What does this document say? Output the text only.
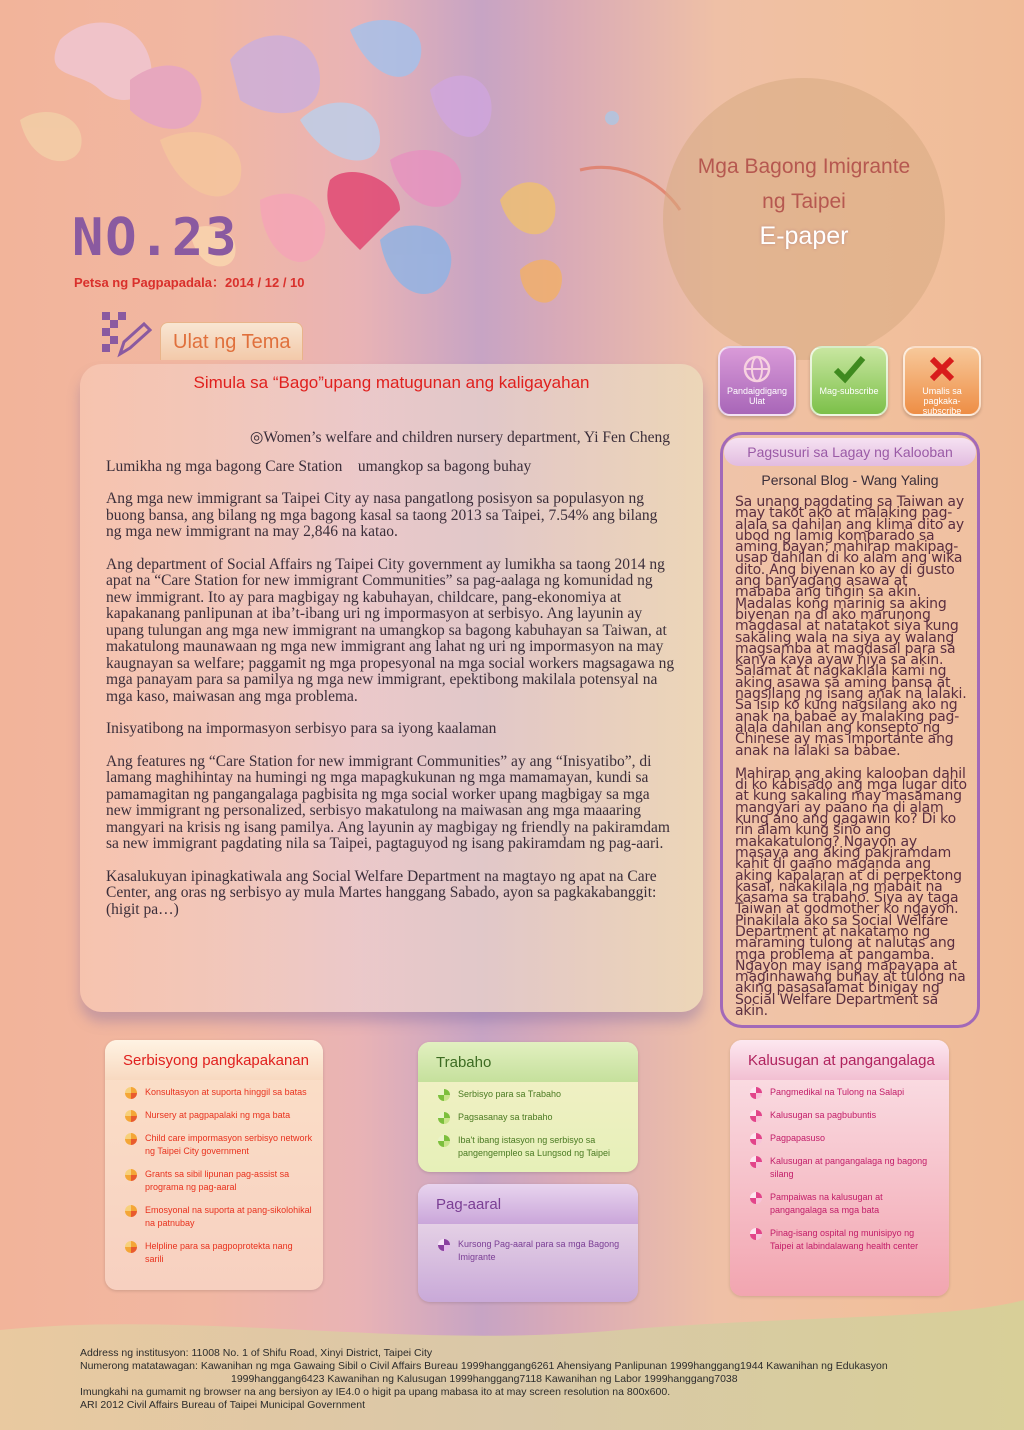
NO.23
Petsa ng Pagpapadala：2014 / 12 / 10
Mga Bagong Imigrante
ng Taipei
E-paper
Ulat ng Tema
Simula sa “Bago”upang matugunan ang kaligayahan

◎Women’s welfare and children nursery department, Yi Fen Cheng

Lumikha ng mga bagong Care Station　umangkop sa bagong buhay

Ang mga new immigrant sa Taipei City ay nasa pangatlong posisyon sa populasyon ng buong bansa, ang bilang ng mga bagong kasal sa taong 2013 sa Taipei, 7.54% ang bilang ng mga new immigrant na may 2,846 na katao.

Ang department of Social Affairs ng Taipei City government ay lumikha sa taong 2014 ng apat na “Care Station for new immigrant Communities” sa pag-aalaga ng komunidad ng new immigrant. Ito ay para magbigay ng kabuhayan, childcare, pang-ekonomiya at kapakanang panlipunan at iba’t-ibang uri ng impormasyon at serbisyo. Ang layunin ay upang tulungan ang mga new immigrant na umangkop sa bagong kabuhayan sa Taiwan, at makatulong maunawaan ng mga new immigrant ang lahat ng uri ng impormasyon na may kaugnayan sa welfare; paggamit ng mga propesyonal na mga social workers magsagawa ng mga panayam para sa pamilya ng mga new immigrant, epektibong makilala potensyal na mga kaso, maiwasan ang mga problema.

Inisyatibong na impormasyon serbisyo para sa iyong kaalaman

Ang features ng “Care Station for new immigrant Communities” ay ang “Inisyatibo”, di lamang maghihintay na humingi ng mga mapagkukunan ng mga mamamayan, kundi sa pamamagitan ng pangangalaga pagbisita ng mga social worker upang magbigay sa mga new immigrant ng personalized, serbisyo makatulong na maiwasan ang mga maaaring mangyari na krisis ng isang pamilya. Ang layunin ay magbigay ng friendly na pakiramdam sa new immigrant pagdating nila sa Taipei, pagtaguyod ng isang pakiramdam ng pag-aari.

Kasalukuyan ipinagkatiwala ang Social Welfare Department na magtayo ng apat na Care Center, ang oras ng serbisyo ay mula Martes hanggang Sabado, ayon sa pagkakabanggit: (higit pa…)

Pandaigdigang Ulat
Mag-subscribe	Umalis sa pagkaka-subscribe
Pagsusuri sa Lagay ng Kalooban
Personal Blog - Wang Yaling

Sa unang pagdating sa Taiwan ay may takot ako at malaking pag-alala sa dahilan ang klima dito ay ubod ng lamig komparado sa aming bayan; mahirap makipag-usap dahilan di ko alam ang wika dito. Ang biyenan ko ay di gusto ang banyagang asawa at mababa ang tingin sa akin. Madalas kong marinig sa aking biyenan na di ako marunong magdasal at natatakot siya kung sakaling wala na siya ay walang magsamba at magdasal para sa kanya kaya ayaw niya sa akin. Salamat at nagkaklala kami ng aking asawa sa aming bansa at nagsilang ng isang anak na lalaki. Sa isip ko kung nagsilang ako ng anak na babae ay malaking pag-alala dahilan ang konsepto ng Chinese ay mas importante ang anak na lalaki sa babae.

Mahirap ang aking kalooban dahil di ko kabisado ang mga lugar dito at kung sakaling may masamang mangyari ay paano na di alam kung ano ang gagawin ko? Di ko rin alam kung sino ang makakatulong? Ngayon ay masaya ang aking pakiramdam kahit di gaano maganda ang aking kapalaran at di perpektong kasal, nakakilala ng mabait na kasama sa trabaho. Siya ay taga Taiwan at godmother ko ngayon. Pinakilala ako sa Social Welfare Department at nakatamo ng maraming tulong at nalutas ang mga problema at pangamba. Ngayon may isang mapayapa at maginhawang buhay at tulong na aking pasasalamat binigay ng Social Welfare Department sa akin.

Serbisyong pangkapakanan
Konsultasyon at suporta hinggil sa batas
Nursery at pagpapalaki ng mga bata
Child care impormasyon serbisyo network ng Taipei City government
Grants sa sibil lipunan pag-assist sa programa ng pag-aaral
Emosyonal na suporta at pang-sikolohikal na patnubay
Helpline para sa pagpoprotekta nang sarili
Trabaho
Serbisyo para sa Trabaho
Pagsasanay sa trabaho
Iba't ibang istasyon ng serbisyo sa pangengempleo sa Lungsod ng Taipei
Pag-aaral
Kursong Pag-aaral para sa mga Bagong Imigrante
Kalusugan at pangangalaga
Pangmedikal na Tulong na Salapi
Kalusugan sa pagbubuntis
Pagpapasuso
Kalusugan at pangangalaga ng bagong silang
Pampaiwas na kalusugan at pangangalaga sa mga bata
Pinag-isang ospital ng munisipyo ng Taipei at labindalawang health center
Address ng institusyon: 11008 No. 1 of Shifu Road, Xinyi District, Taipei City
Numerong matatawagan: Kawanihan ng mga Gawaing Sibil o Civil Affairs Bureau 1999hanggang6261 Ahensiyang Panlipunan 1999hanggang1944 Kawanihan ng Edukasyon
1999hanggang6423 Kawanihan ng Kalusugan 1999hanggang7118 Kawanihan ng Labor 1999hanggang7038
Imungkahi na gumamit ng browser na ang bersiyon ay IE4.0 o higit pa upang mabasa ito at may screen resolution na 800x600.
ARI 2012 Civil Affairs Bureau of Taipei Municipal Government
